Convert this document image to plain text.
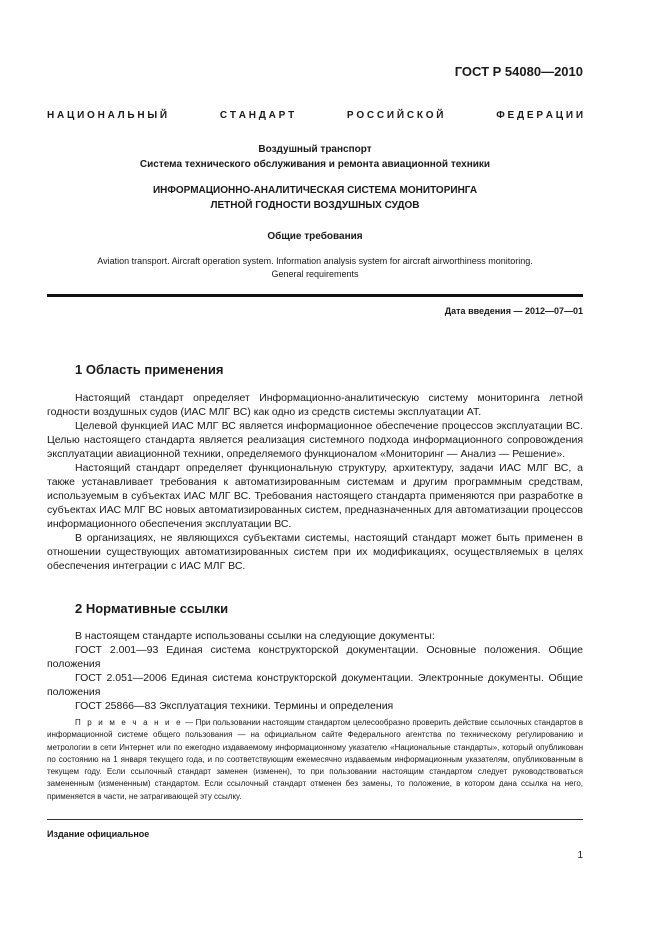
ГОСТ Р 54080—2010
Н А Ц И О Н А Л Ь Н Ы Й	С Т А Н Д А Р Т	Р О С С И Й С К О Й	Ф Е Д Е Р А Ц И И
Воздушный транспорт
Система технического обслуживания и ремонта авиационной техники
ИНФОРМАЦИОННО-АНАЛИТИЧЕСКАЯ СИСТЕМА МОНИТОРИНГА
ЛЕТНОЙ ГОДНОСТИ ВОЗДУШНЫХ СУДОВ
Общие требования
Aviation transport. Aircraft operation system. Information analysis system for aircraft airworthiness monitoring.
General requirements
Дата введения — 2012—07—01
1 Область применения
Настоящий стандарт определяет Информационно-аналитическую систему мониторинга летной годности воздушных судов (ИАС МЛГ ВС) как одно из средств системы эксплуатации АТ.
Целевой функцией ИАС МЛГ ВС является информационное обеспечение процессов эксплуатации ВС. Целью настоящего стандарта является реализация системного подхода информационного сопровождения эксплуатации авиационной техники, определяемого функционалом «Мониторинг — Анализ — Решение».
Настоящий стандарт определяет функциональную структуру, архитектуру, задачи ИАС МЛГ ВС, а также устанавливает требования к автоматизированным системам и другим программным средствам, используемым в субъектах ИАС МЛГ ВС. Требования настоящего стандарта применяются при разработке в субъектах ИАС МЛГ ВС новых автоматизированных систем, предназначенных для автоматизации процессов информационного обеспечения эксплуатации ВС.
В организациях, не являющихся субъектами системы, настоящий стандарт может быть применен в отношении существующих автоматизированных систем при их модификациях, осуществляемых в целях обеспечения интеграции с ИАС МЛГ ВС.
2 Нормативные ссылки
В настоящем стандарте использованы ссылки на следующие документы:
ГОСТ 2.001—93 Единая система конструкторской документации. Основные положения. Общие положения
ГОСТ 2.051—2006 Единая система конструкторской документации. Электронные документы. Общие положения
ГОСТ 25866—83 Эксплуатация техники. Термины и определения
П р и м е ч а н и е — При пользовании настоящим стандартом целесообразно проверить действие ссылочных стандартов в информационной системе общего пользования — на официальном сайте Федерального агентства по техническому регулированию и метрологии в сети Интернет или по ежегодно издаваемому информационному указателю «Национальные стандарты», который опубликован по состоянию на 1 января текущего года, и по соответствующим ежемесячно издаваемым информационным указателям, опубликованным в текущем году. Если ссылочный стандарт заменен (изменен), то при пользовании настоящим стандартом следует руководствоваться замененным (измененным) стандартом. Если ссылочный стандарт отменен без замены, то положение, в котором дана ссылка на него, применяется в части, не затрагивающей эту ссылку.
Издание официальное
1
